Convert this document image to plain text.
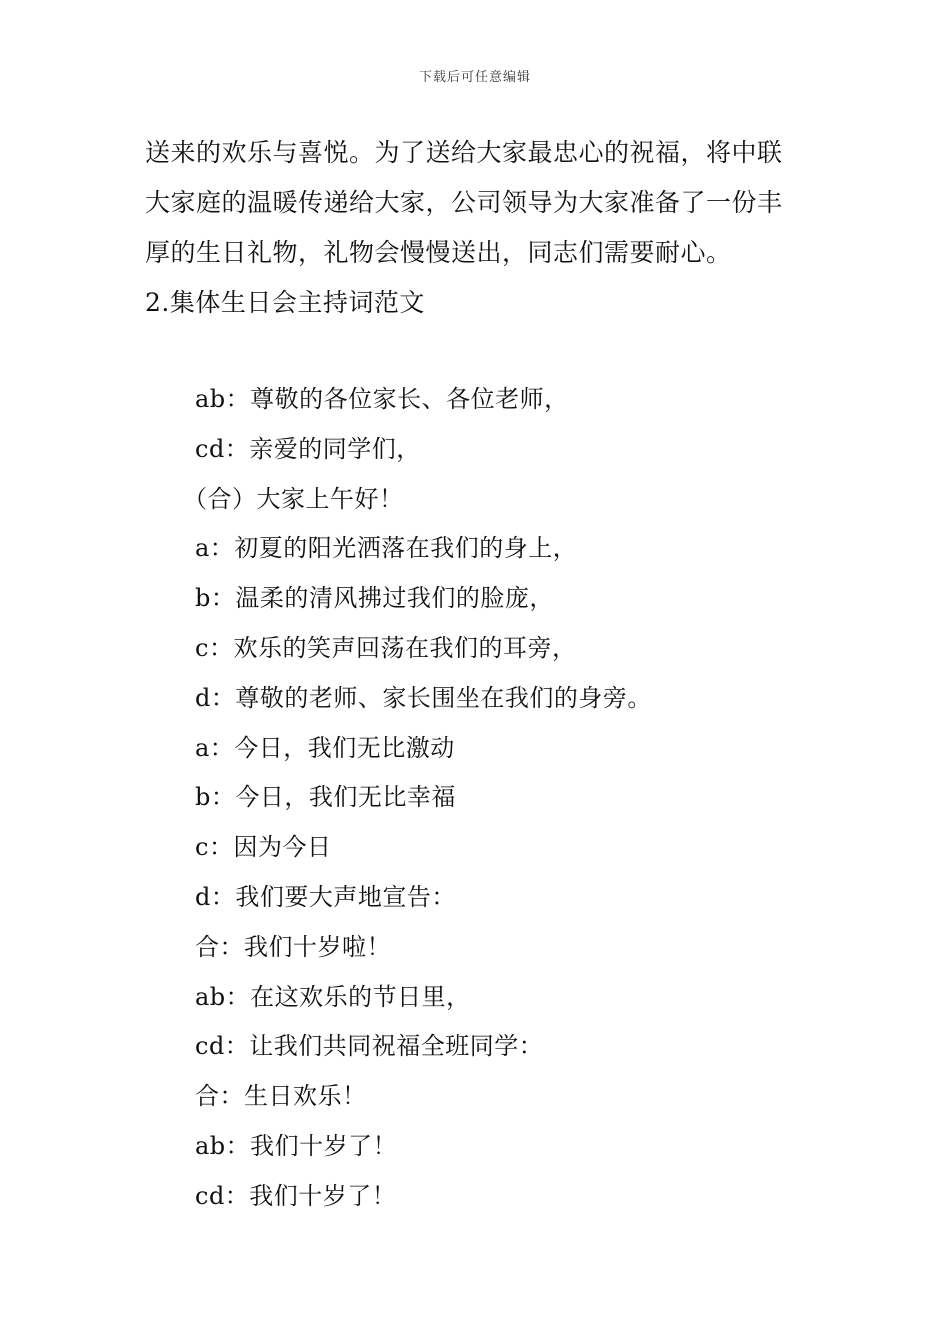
下载后可任意编辑
送来的欢乐与喜悦。为了送给大家最忠心的祝福，将中联
大家庭的温暖传递给大家，公司领导为大家准备了一份丰
厚的生日礼物，礼物会慢慢送出，同志们需要耐心。
2.集体生日会主持词范文
ab：尊敬的各位家长、各位老师，
cd：亲爱的同学们，
（合）大家上午好！
a：初夏的阳光洒落在我们的身上，
b：温柔的清风拂过我们的脸庞，
c：欢乐的笑声回荡在我们的耳旁，
d：尊敬的老师、家长围坐在我们的身旁。
a：今日，我们无比激动
b：今日，我们无比幸福
c：因为今日
d：我们要大声地宣告：
合：我们十岁啦！
ab：在这欢乐的节日里，
cd：让我们共同祝福全班同学：
合：生日欢乐！
ab：我们十岁了！
cd：我们十岁了！
